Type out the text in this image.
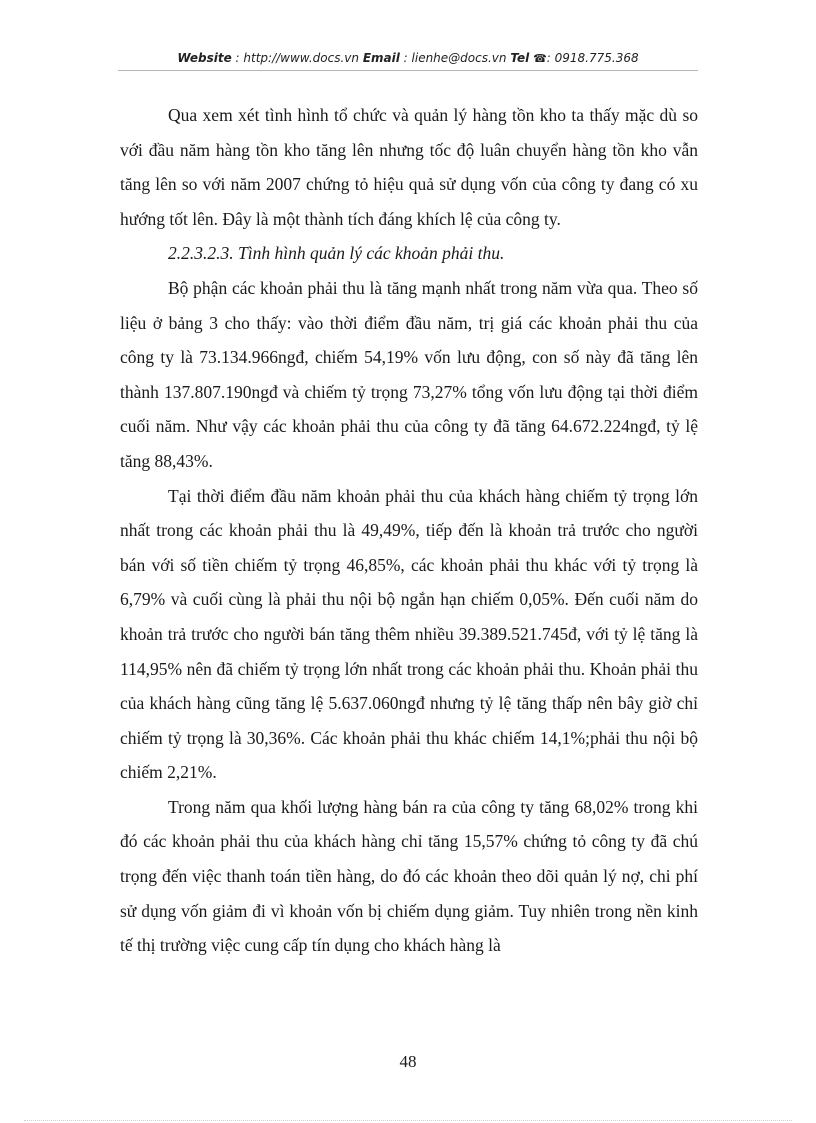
Website : http://www.docs.vn Email : lienhe@docs.vn Tel ☎: 0918.775.368

Qua xem xét tình hình tổ chức và quản lý hàng tồn kho ta thấy mặc dù so với đầu năm hàng tồn kho tăng lên nhưng tốc độ luân chuyển hàng tồn kho vẫn tăng lên so với năm 2007 chứng tỏ hiệu quả sử dụng vốn của công ty đang có xu hướng tốt lên. Đây là một thành tích đáng khích lệ của công ty.

2.2.3.2.3. Tình hình quản lý các khoản phải thu.

Bộ phận các khoản phải thu là tăng mạnh nhất trong năm vừa qua. Theo số liệu ở bảng 3 cho thấy: vào thời điểm đầu năm, trị giá các khoản phải thu của công ty là 73.134.966ngđ, chiếm 54,19% vốn lưu động, con số này đã tăng lên thành 137.807.190ngđ và chiếm tỷ trọng 73,27% tổng vốn lưu động tại thời điểm cuối năm. Như vậy các khoản phải thu của công ty đã tăng 64.672.224ngđ, tỷ lệ tăng 88,43%.

Tại thời điểm đầu năm khoản phải thu của khách hàng chiếm tỷ trọng lớn nhất trong các khoản phải thu là 49,49%, tiếp đến là khoản trả trước cho người bán với số tiền chiếm tỷ trọng 46,85%, các khoản phải thu khác với tỷ trọng là 6,79% và cuối cùng là phải thu nội bộ ngắn hạn chiếm 0,05%. Đến cuối năm do khoản trả trước cho người bán tăng thêm nhiều 39.389.521.745đ, với tỷ lệ tăng là 114,95% nên đã chiếm tỷ trọng lớn nhất trong các khoản phải thu. Khoản phải thu của khách hàng cũng tăng lệ 5.637.060ngđ nhưng tỷ lệ tăng thấp nên bây giờ chỉ chiếm tỷ trọng là 30,36%. Các khoản phải thu khác chiếm 14,1%;phải thu nội bộ chiếm 2,21%.

Trong năm qua khối lượng hàng bán ra của công ty tăng 68,02% trong khi đó các khoản phải thu của khách hàng chỉ tăng 15,57% chứng tỏ công ty đã chú trọng đến việc thanh toán tiền hàng, do đó các khoản theo dõi quản lý nợ, chi phí sử dụng vốn giảm đi vì khoản vốn bị chiếm dụng giảm. Tuy nhiên trong nền kinh tế thị trường việc cung cấp tín dụng cho khách hàng là

48
